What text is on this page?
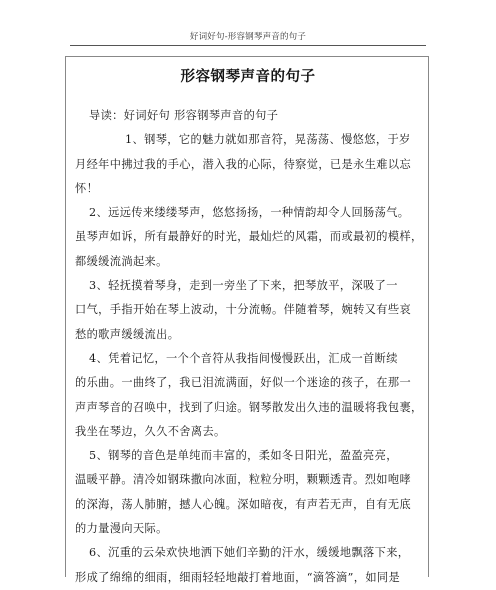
好词好句-形容钢琴声音的句子
形容钢琴声音的句子
导读：好词好句 形容钢琴声音的句子
1、钢琴，它的魅力就如那音符，晃荡荡、慢悠悠，于岁
月经年中拂过我的手心，潜入我的心际，待察觉，已是永生难以忘
怀！
2、远远传来缕缕琴声，悠悠扬扬，一种情韵却令人回肠荡气。
虽琴声如诉，所有最静好的时光，最灿烂的风霜，而或最初的模样，
都缓缓流淌起来。
3、轻抚摸着琴身，走到一旁坐了下来，把琴放平，深吸了一
口气，手指开始在琴上波动，十分流畅。伴随着琴，婉转又有些哀
愁的歌声缓缓流出。
4、凭着记忆，一个个音符从我指间慢慢跃出，汇成一首断续
的乐曲。一曲终了，我已泪流满面，好似一个迷途的孩子，在那一
声声琴音的召唤中，找到了归途。钢琴散发出久违的温暖将我包裹，
我坐在琴边，久久不舍离去。
5、钢琴的音色是单纯而丰富的，柔如冬日阳光，盈盈亮亮，
温暖平静。清冷如钢珠撒向冰面，粒粒分明，颗颗透青。烈如咆哮
的深海，荡人肺腑，撼人心魄。深如暗夜，有声若无声，自有无底
的力量漫向天际。
6、沉重的云朵欢快地洒下她们辛勤的汗水，缓缓地飘落下来，
形成了绵绵的细雨，细雨轻轻地敲打着地面，“滴答滴”，如同是
